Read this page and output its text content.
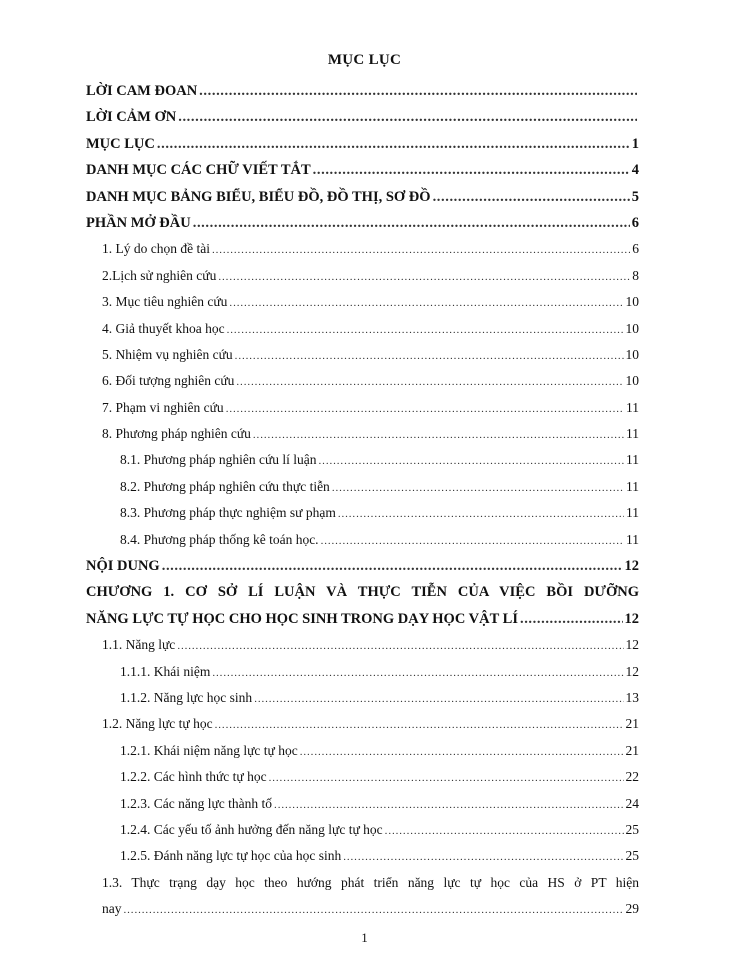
MỤC LỤC
LỜI CAM ĐOAN
.....
LỜI CẢM ƠN
.....
MỤC LỤC .....	1
DANH MỤC CÁC CHỮ VIẾT TẮT .....	4
DANH MỤC BẢNG BIỂU, BIỂU ĐỒ, ĐỒ THỊ, SƠ ĐỒ .....	5
PHẦN MỞ ĐẦU .....	6
1. Lý do chọn đề tài .....	6
2.Lịch sử nghiên cứu .....	8
3. Mục tiêu nghiên cứu .....	10
4. Giả thuyết khoa học .....	10
5. Nhiệm vụ nghiên cứu .....	10
6. Đối tượng nghiên cứu .....	10
7. Phạm vi nghiên cứu .....	11
8. Phương pháp nghiên cứu .....	11
8.1. Phương pháp nghiên cứu lí luận .....	11
8.2. Phương pháp nghiên cứu thực tiễn .....	11
8.3. Phương pháp thực nghiệm sư phạm .....	11
8.4. Phương pháp thống kê toán học. .....	11
NỘI DUNG .....	12
CHƯƠNG 1. CƠ SỞ LÍ LUẬN VÀ THỰC TIỄN CỦA VIỆC BỒI DƯỠNG
NĂNG LỰC TỰ HỌC CHO HỌC SINH TRONG DẠY HỌC VẬT LÍ .....	12
1.1. Năng lực .....	12
1.1.1. Khái niệm .....	12
1.1.2. Năng lực học sinh .....	13
1.2. Năng lực tự học .....	21
1.2.1. Khái niệm năng lực tự học .....	21
1.2.2. Các hình thức tự học .....	22
1.2.3. Các năng lực thành tố .....	24
1.2.4. Các yếu tố ảnh hưởng đến năng lực tự học .....	25
1.2.5. Đánh năng lực tự học của học sinh .....	25
1.3. Thực trạng dạy học theo hướng phát triển năng lực tự học của HS ở PT hiện
nay .....	29
1
